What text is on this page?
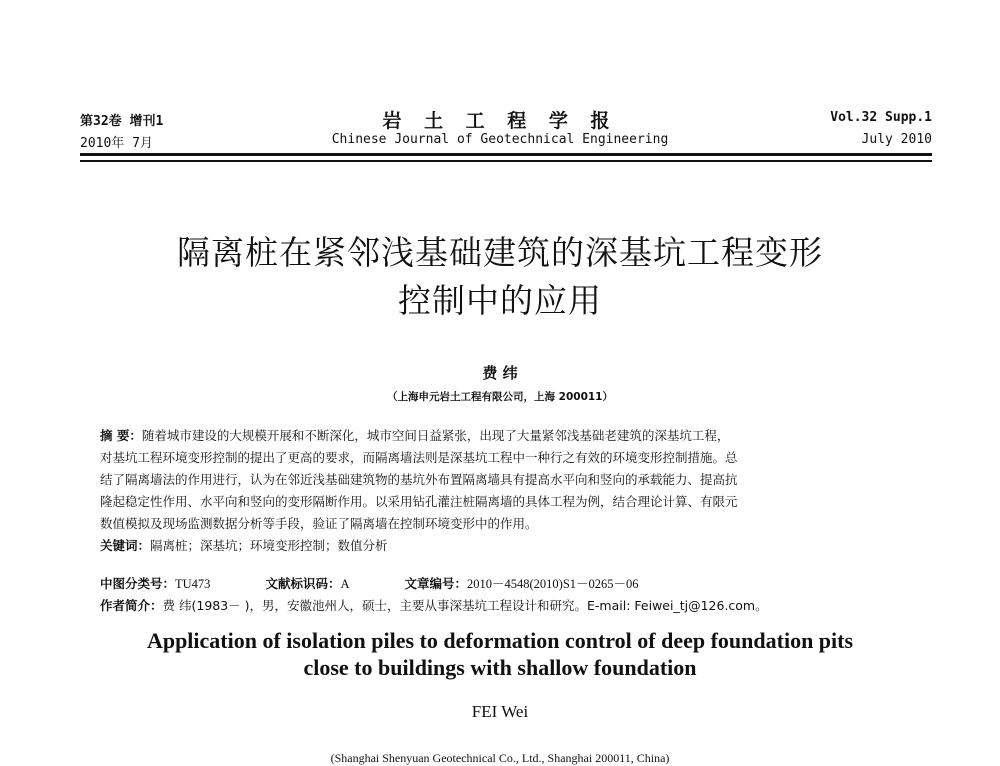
第32卷 增刊1
2010年 7月
岩 土 工 程 学 报
Chinese Journal of Geotechnical Engineering
Vol.32 Supp.1
July 2010
隔离桩在紧邻浅基础建筑的深基坑工程变形
控制中的应用
费 纬
（上海申元岩土工程有限公司，上海 200011）
摘 要：随着城市建设的大规模开展和不断深化，城市空间日益紧张，出现了大量紧邻浅基础老建筑的深基坑工程，
对基坑工程环境变形控制的提出了更高的要求，而隔离墙法则是深基坑工程中一种行之有效的环境变形控制措施。总
结了隔离墙法的作用进行，认为在邻近浅基础建筑物的基坑外布置隔离墙具有提高水平向和竖向的承载能力、提高抗
隆起稳定性作用、水平向和竖向的变形隔断作用。以采用钻孔灌注桩隔离墙的具体工程为例，结合理论计算、有限元
数值模拟及现场监测数据分析等手段，验证了隔离墙在控制环境变形中的作用。
关键词：隔离桩；深基坑；环境变形控制；数值分析
中图分类号：TU473	文献标识码：A	文章编号：2010－4548(2010)S1－0265－06
作者简介：费 纬(1983－ )，男，安徽池州人，硕士，主要从事深基坑工程设计和研究。E-mail: Feiwei_tj@126.com。
Application of isolation piles to deformation control of deep foundation pits
close to buildings with shallow foundation
FEI Wei
(Shanghai Shenyuan Geotechnical Co., Ltd., Shanghai 200011, China)
